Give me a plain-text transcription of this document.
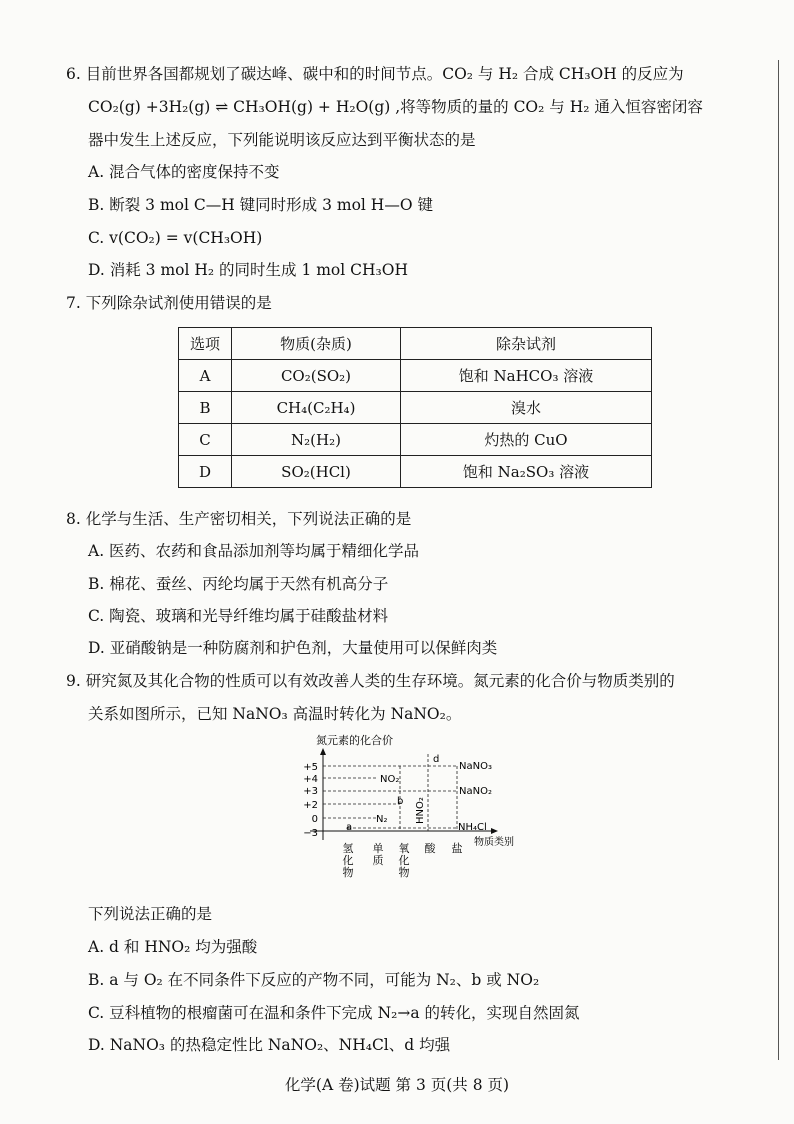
6. 目前世界各国都规划了碳达峰、碳中和的时间节点。CO₂ 与 H₂ 合成 CH₃OH 的反应为
CO₂(g) +3H₂(g) ⇌ CH₃OH(g) + H₂O(g) ,将等物质的量的 CO₂ 与 H₂ 通入恒容密闭容
器中发生上述反应，下列能说明该反应达到平衡状态的是
A. 混合气体的密度保持不变
B. 断裂 3 mol C—H 键同时形成 3 mol H—O 键
C. v(CO₂) = v(CH₃OH)
D. 消耗 3 mol H₂ 的同时生成 1 mol CH₃OH
7. 下列除杂试剂使用错误的是
选项	物质(杂质)	除杂试剂
A	CO₂(SO₂)	饱和 NaHCO₃ 溶液
B	CH₄(C₂H₄)	溴水
C	N₂(H₂)	灼热的 CuO
D	SO₂(HCl)	饱和 Na₂SO₃ 溶液
8. 化学与生活、生产密切相关，下列说法正确的是
A. 医药、农药和食品添加剂等均属于精细化学品
B. 棉花、蚕丝、丙纶均属于天然有机高分子
C. 陶瓷、玻璃和光导纤维均属于硅酸盐材料
D. 亚硝酸钠是一种防腐剂和护色剂，大量使用可以保鲜肉类
9. 研究氮及其化合物的性质可以有效改善人类的生存环境。氮元素的化合价与物质类别的
关系如图所示，已知 NaNO₃ 高温时转化为 NaNO₂。
氮元素的化合价
物质类别
+5
+4
+3
+2
0
−3
a
N₂
b
NO₂
d
HNO₂
NaNO₃
NaNO₂
NH₄Cl
氢化物
单质
氧化物
酸 盐
下列说法正确的是
A. d 和 HNO₂ 均为强酸
B. a 与 O₂ 在不同条件下反应的产物不同，可能为 N₂、b 或 NO₂
C. 豆科植物的根瘤菌可在温和条件下完成 N₂→a 的转化，实现自然固氮
D. NaNO₃ 的热稳定性比 NaNO₂、NH₄Cl、d 均强
化学(A 卷)试题 第 3 页(共 8 页)
